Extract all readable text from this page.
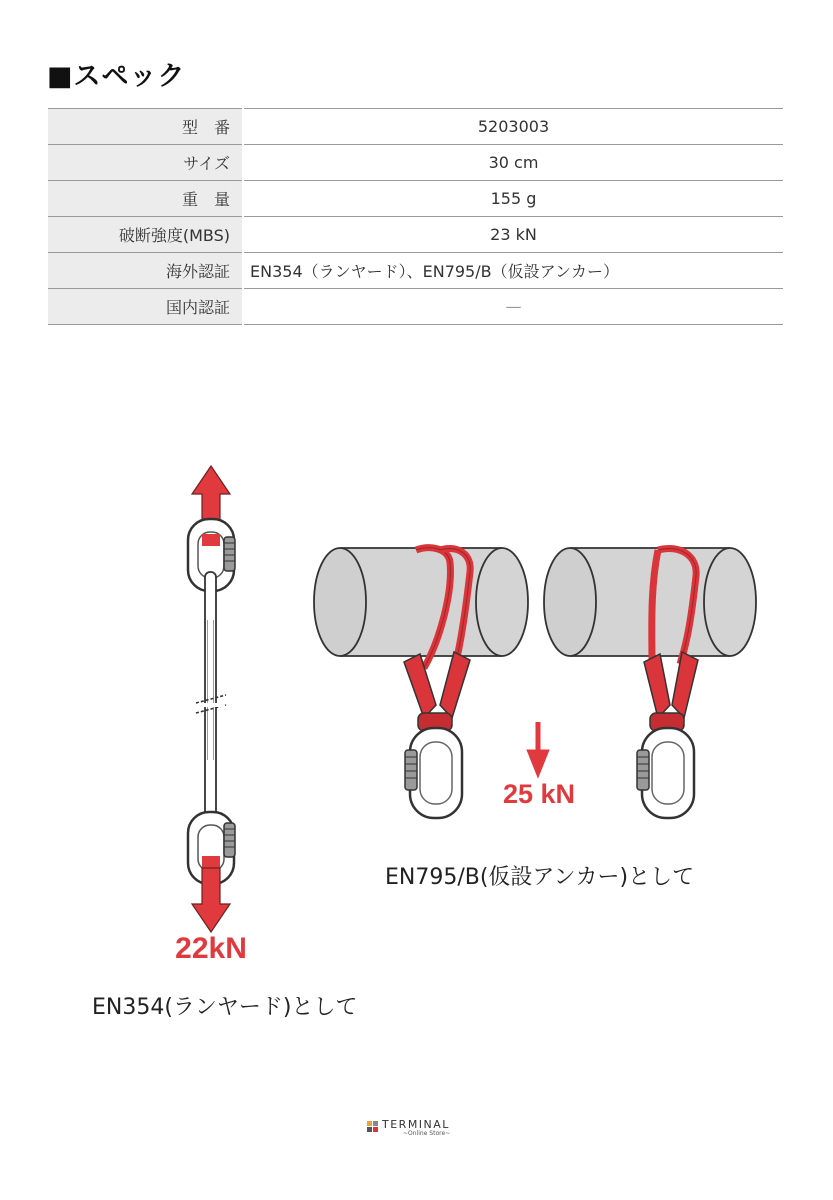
■スペック
型　番	5203003
サイズ	30 cm
重　量	155 g
破断強度(MBS)	23 kN
海外認証	EN354（ランヤード）、EN795/B（仮設アンカー）
国内認証	—
22kN
25 kN
EN795/B(仮設アンカー)として
EN354(ランヤード)として
TERMINAL
~Online Store~
